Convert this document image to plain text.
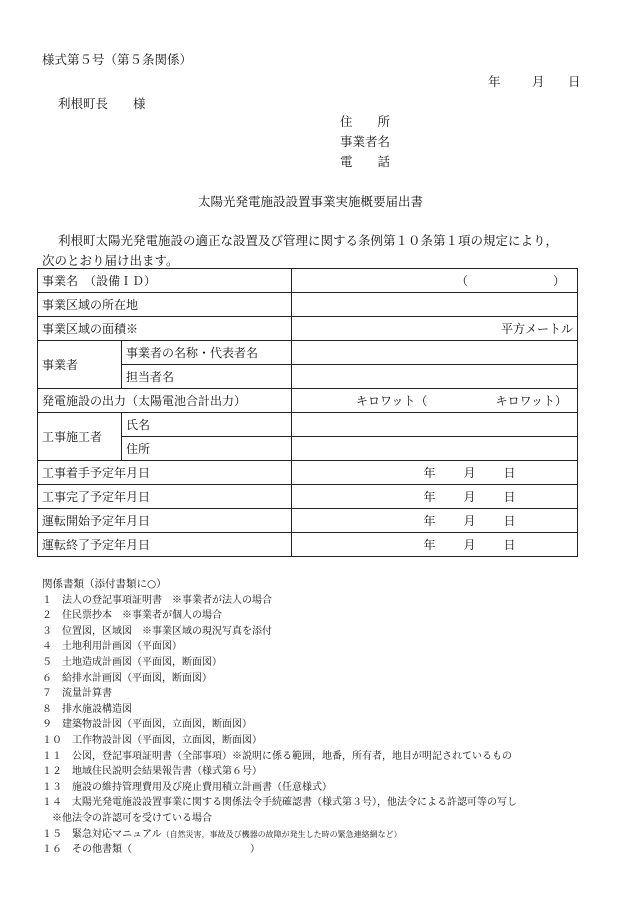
様式第５号（第５条関係）
年	月 日
利根町長　　様
住　　所
事業者名
電　　話
太陽光発電施設設置事業実施概要届出書
利根町太陽光発電施設の適正な設置及び管理に関する条例第１０条第１項の規定により，
次のとおり届け出ます。
事業名　（設備ＩＤ）		（ ）

事業区域の所在地		
事業区域の面積※		平方メートル
事業者	事業者の名称・代表者名	
	担当者名	
発電施設の出力（太陽電池合計出力）		キロワット（ キロワット）

工事施工者	氏名	
	住所	
工事着手予定年月日		年 月 日

工事完了予定年月日		年 月 日

運転開始予定年月日		年 月 日

運転終了予定年月日		年 月 日
関係書類（添付書類に○）
１　法人の登記事項証明書　※事業者が法人の場合
２　住民票抄本　※事業者が個人の場合
３　位置図，区域図　※事業区域の現況写真を添付
４　土地利用計画図（平面図）
５　土地造成計画図（平面図，断面図）
６　給排水計画図（平面図，断面図）
７　流量計算書
８　排水施設構造図
９　建築物設計図（平面図，立面図，断面図）
１０　工作物設計図（平面図，立面図，断面図）
１１　公図，登記事項証明書（全部事項）※説明に係る範囲，地番，所有者，地目が明記されているもの
１２　地域住民説明会結果報告書（様式第６号）
１３　施設の維持管理費用及び廃止費用積立計画書（任意様式）
１４　太陽光発電施設設置事業に関する関係法令手続確認書（様式第３号），他法令による許認可等の写し
　※他法令の許認可を受けている場合
１５　緊急対応マニュアル（自然災害，事故及び機器の故障が発生した時の緊急連絡網など）
１６　その他書類（	）
